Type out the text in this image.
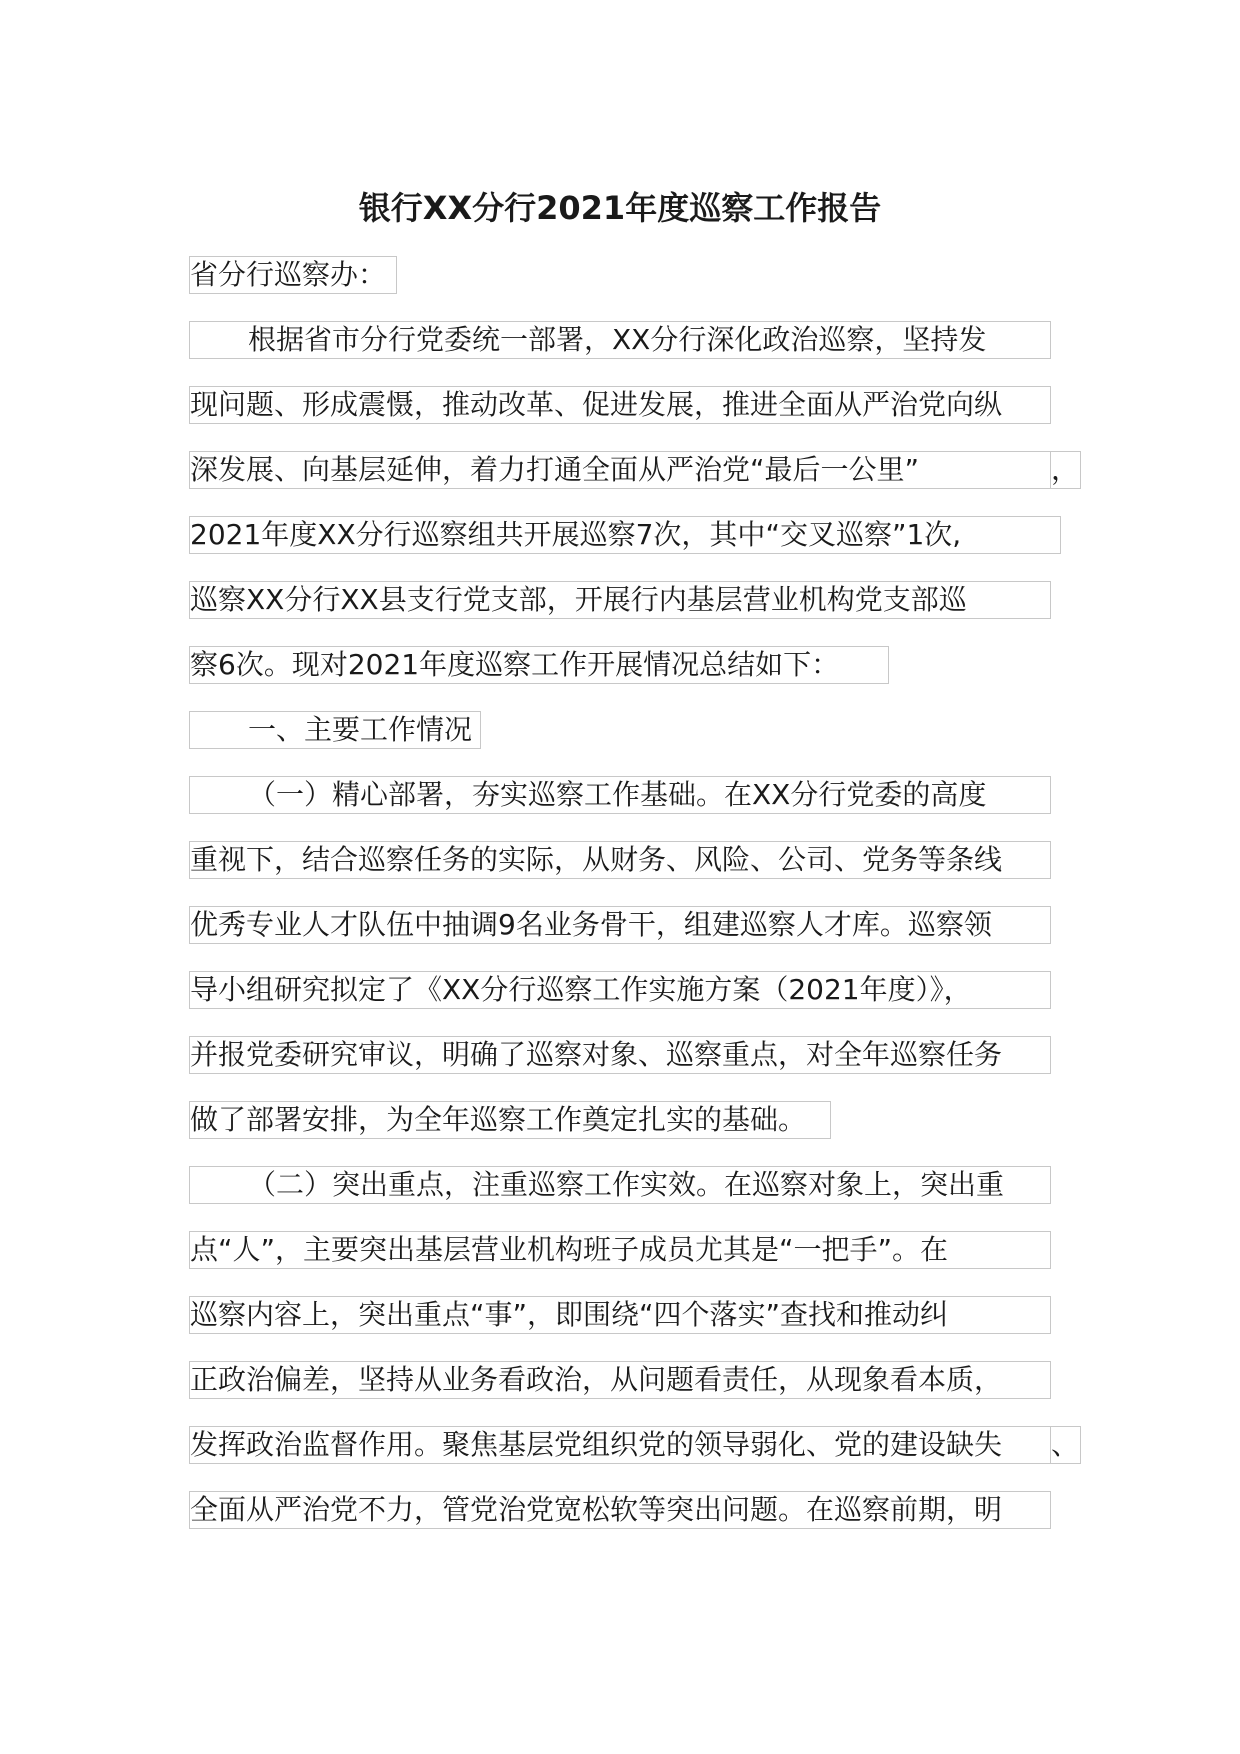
银行XX分行2021年度巡察工作报告
省分行巡察办：
根据省市分行党委统一部署，XX分行深化政治巡察，坚持发
现问题、形成震慑，推动改革、促进发展，推进全面从严治党向纵
深发展、向基层延伸，着力打通全面从严治党“最后一公里”	，
2021年度XX分行巡察组共开展巡察7次，其中“交叉巡察”1次,
巡察XX分行XX县支行党支部，开展行内基层营业机构党支部巡
察6次。现对2021年度巡察工作开展情况总结如下：
一、主要工作情况
（一）精心部署，夯实巡察工作基础。在XX分行党委的高度
重视下，结合巡察任务的实际，从财务、风险、公司、党务等条线
优秀专业人才队伍中抽调9名业务骨干，组建巡察人才库。巡察领
导小组研究拟定了《XX分行巡察工作实施方案（2021年度）》，
并报党委研究审议，明确了巡察对象、巡察重点，对全年巡察任务
做了部署安排，为全年巡察工作奠定扎实的基础。
（二）突出重点，注重巡察工作实效。在巡察对象上，突出重
点“人”，主要突出基层营业机构班子成员尤其是“一把手”。在
巡察内容上，突出重点“事”，即围绕“四个落实”查找和推动纠
正政治偏差，坚持从业务看政治，从问题看责任，从现象看本质，
发挥政治监督作用。聚焦基层党组织党的领导弱化、党的建设缺失	、
全面从严治党不力，管党治党宽松软等突出问题。在巡察前期，明
